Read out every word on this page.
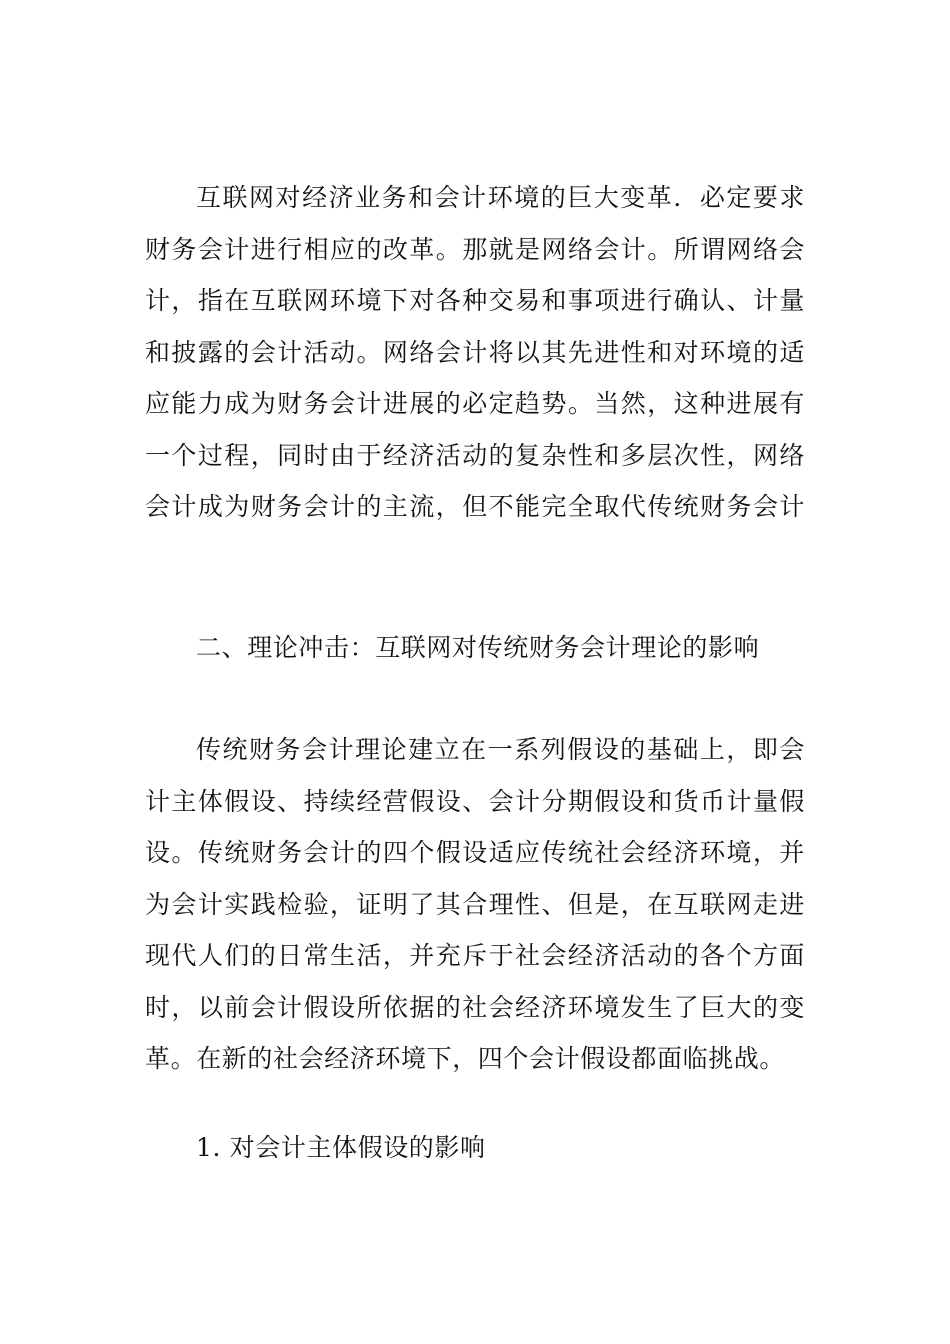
互联网对经济业务和会计环境的巨大变革．必定要求
财务会计进行相应的改革。那就是网络会计。所谓网络会
计，指在互联网环境下对各种交易和事项进行确认、计量
和披露的会计活动。网络会计将以其先进性和对环境的适
应能力成为财务会计进展的必定趋势。当然，这种进展有
一个过程，同时由于经济活动的复杂性和多层次性，网络
会计成为财务会计的主流，但不能完全取代传统财务会计
二、理论冲击：互联网对传统财务会计理论的影响
传统财务会计理论建立在一系列假设的基础上，即会
计主体假设、持续经营假设、会计分期假设和货币计量假
设。传统财务会计的四个假设适应传统社会经济环境，并
为会计实践检验，证明了其合理性、但是，在互联网走进
现代人们的日常生活，并充斥于社会经济活动的各个方面
时，以前会计假设所依据的社会经济环境发生了巨大的变
革。在新的社会经济环境下，四个会计假设都面临挑战。
1. 对会计主体假设的影响
